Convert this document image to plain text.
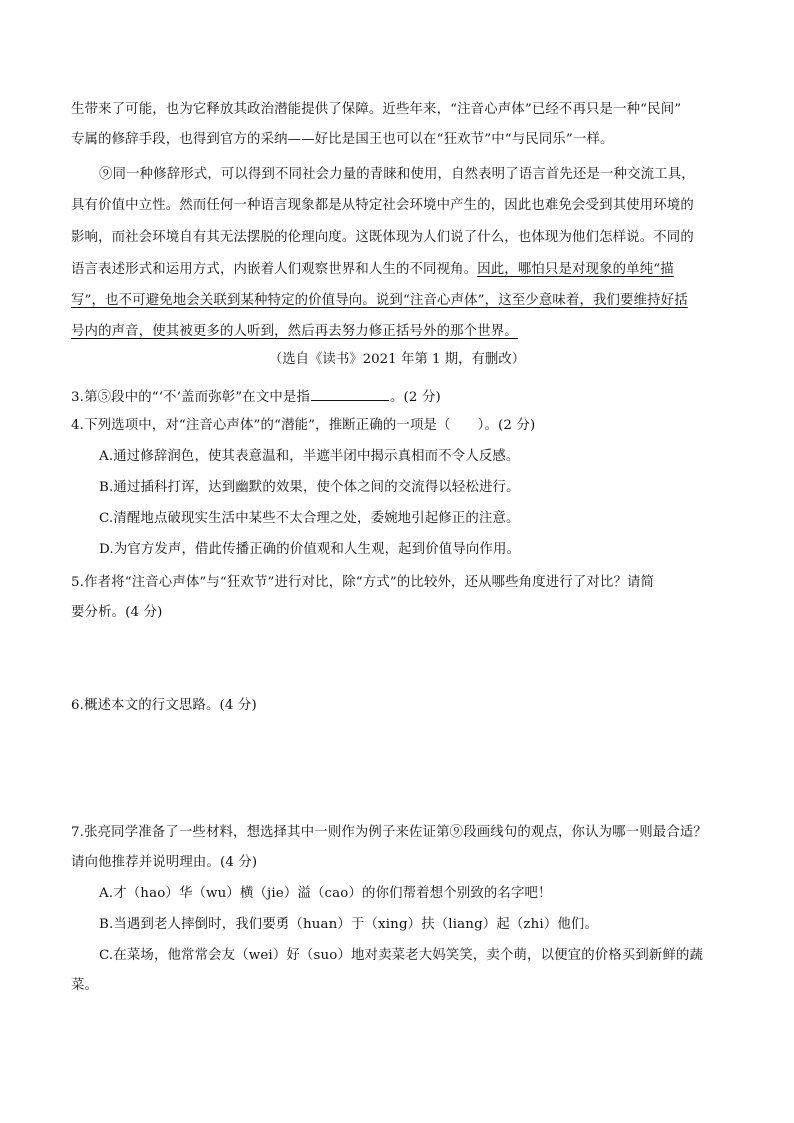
生带来了可能，也为它释放其政治潜能提供了保障。近些年来，“注音心声体”已经不再只是一种“民间”
专属的修辞手段，也得到官方的采纳——好比是国王也可以在“狂欢节”中“与民同乐”一样。
⑨同一种修辞形式，可以得到不同社会力量的青睐和使用，自然表明了语言首先还是一种交流工具，
具有价值中立性。然而任何一种语言现象都是从特定社会环境中产生的，因此也难免会受到其使用环境的
影响，而社会环境自有其无法摆脱的伦理向度。这既体现为人们说了什么，也体现为他们怎样说。不同的
语言表述形式和运用方式，内嵌着人们观察世界和人生的不同视角。因此，哪怕只是对现象的单纯“描
写”，也不可避免地会关联到某种特定的价值导向。说到“注音心声体”，这至少意味着，我们要维持好括
号内的声音，使其被更多的人听到，然后再去努力修正括号外的那个世界。
（选自《读书》2021 年第 1 期，有删改）
3.第⑤段中的“‘不’盖而弥彰”在文中是指	。(2 分)
4.下列选项中，对“注音心声体”的“潜能”，推断正确的一项是（　　）。(2 分)
A.通过修辞润色，使其表意温和，半遮半闭中揭示真相而不令人反感。
B.通过插科打诨，达到幽默的效果，使个体之间的交流得以轻松进行。
C.清醒地点破现实生活中某些不太合理之处，委婉地引起修正的注意。
D.为官方发声，借此传播正确的价值观和人生观，起到价值导向作用。
5.作者将“注音心声体”与“狂欢节”进行对比，除“方式”的比较外，还从哪些角度进行了对比？请简
要分析。(4 分)
6.概述本文的行文思路。(4 分)
7.张亮同学准备了一些材料，想选择其中一则作为例子来佐证第⑨段画线句的观点，你认为哪一则最合适？
请向他推荐并说明理由。(4 分)
A.才（hao）华（wu）横（jie）溢（cao）的你们帮着想个别致的名字吧！
B.当遇到老人摔倒时，我们要勇（huan）于（xing）扶（liang）起（zhi）他们。
C.在菜场，他常常会友（wei）好（suo）地对卖菜老大妈笑笑，卖个萌，以便宜的价格买到新鲜的蔬
菜。
